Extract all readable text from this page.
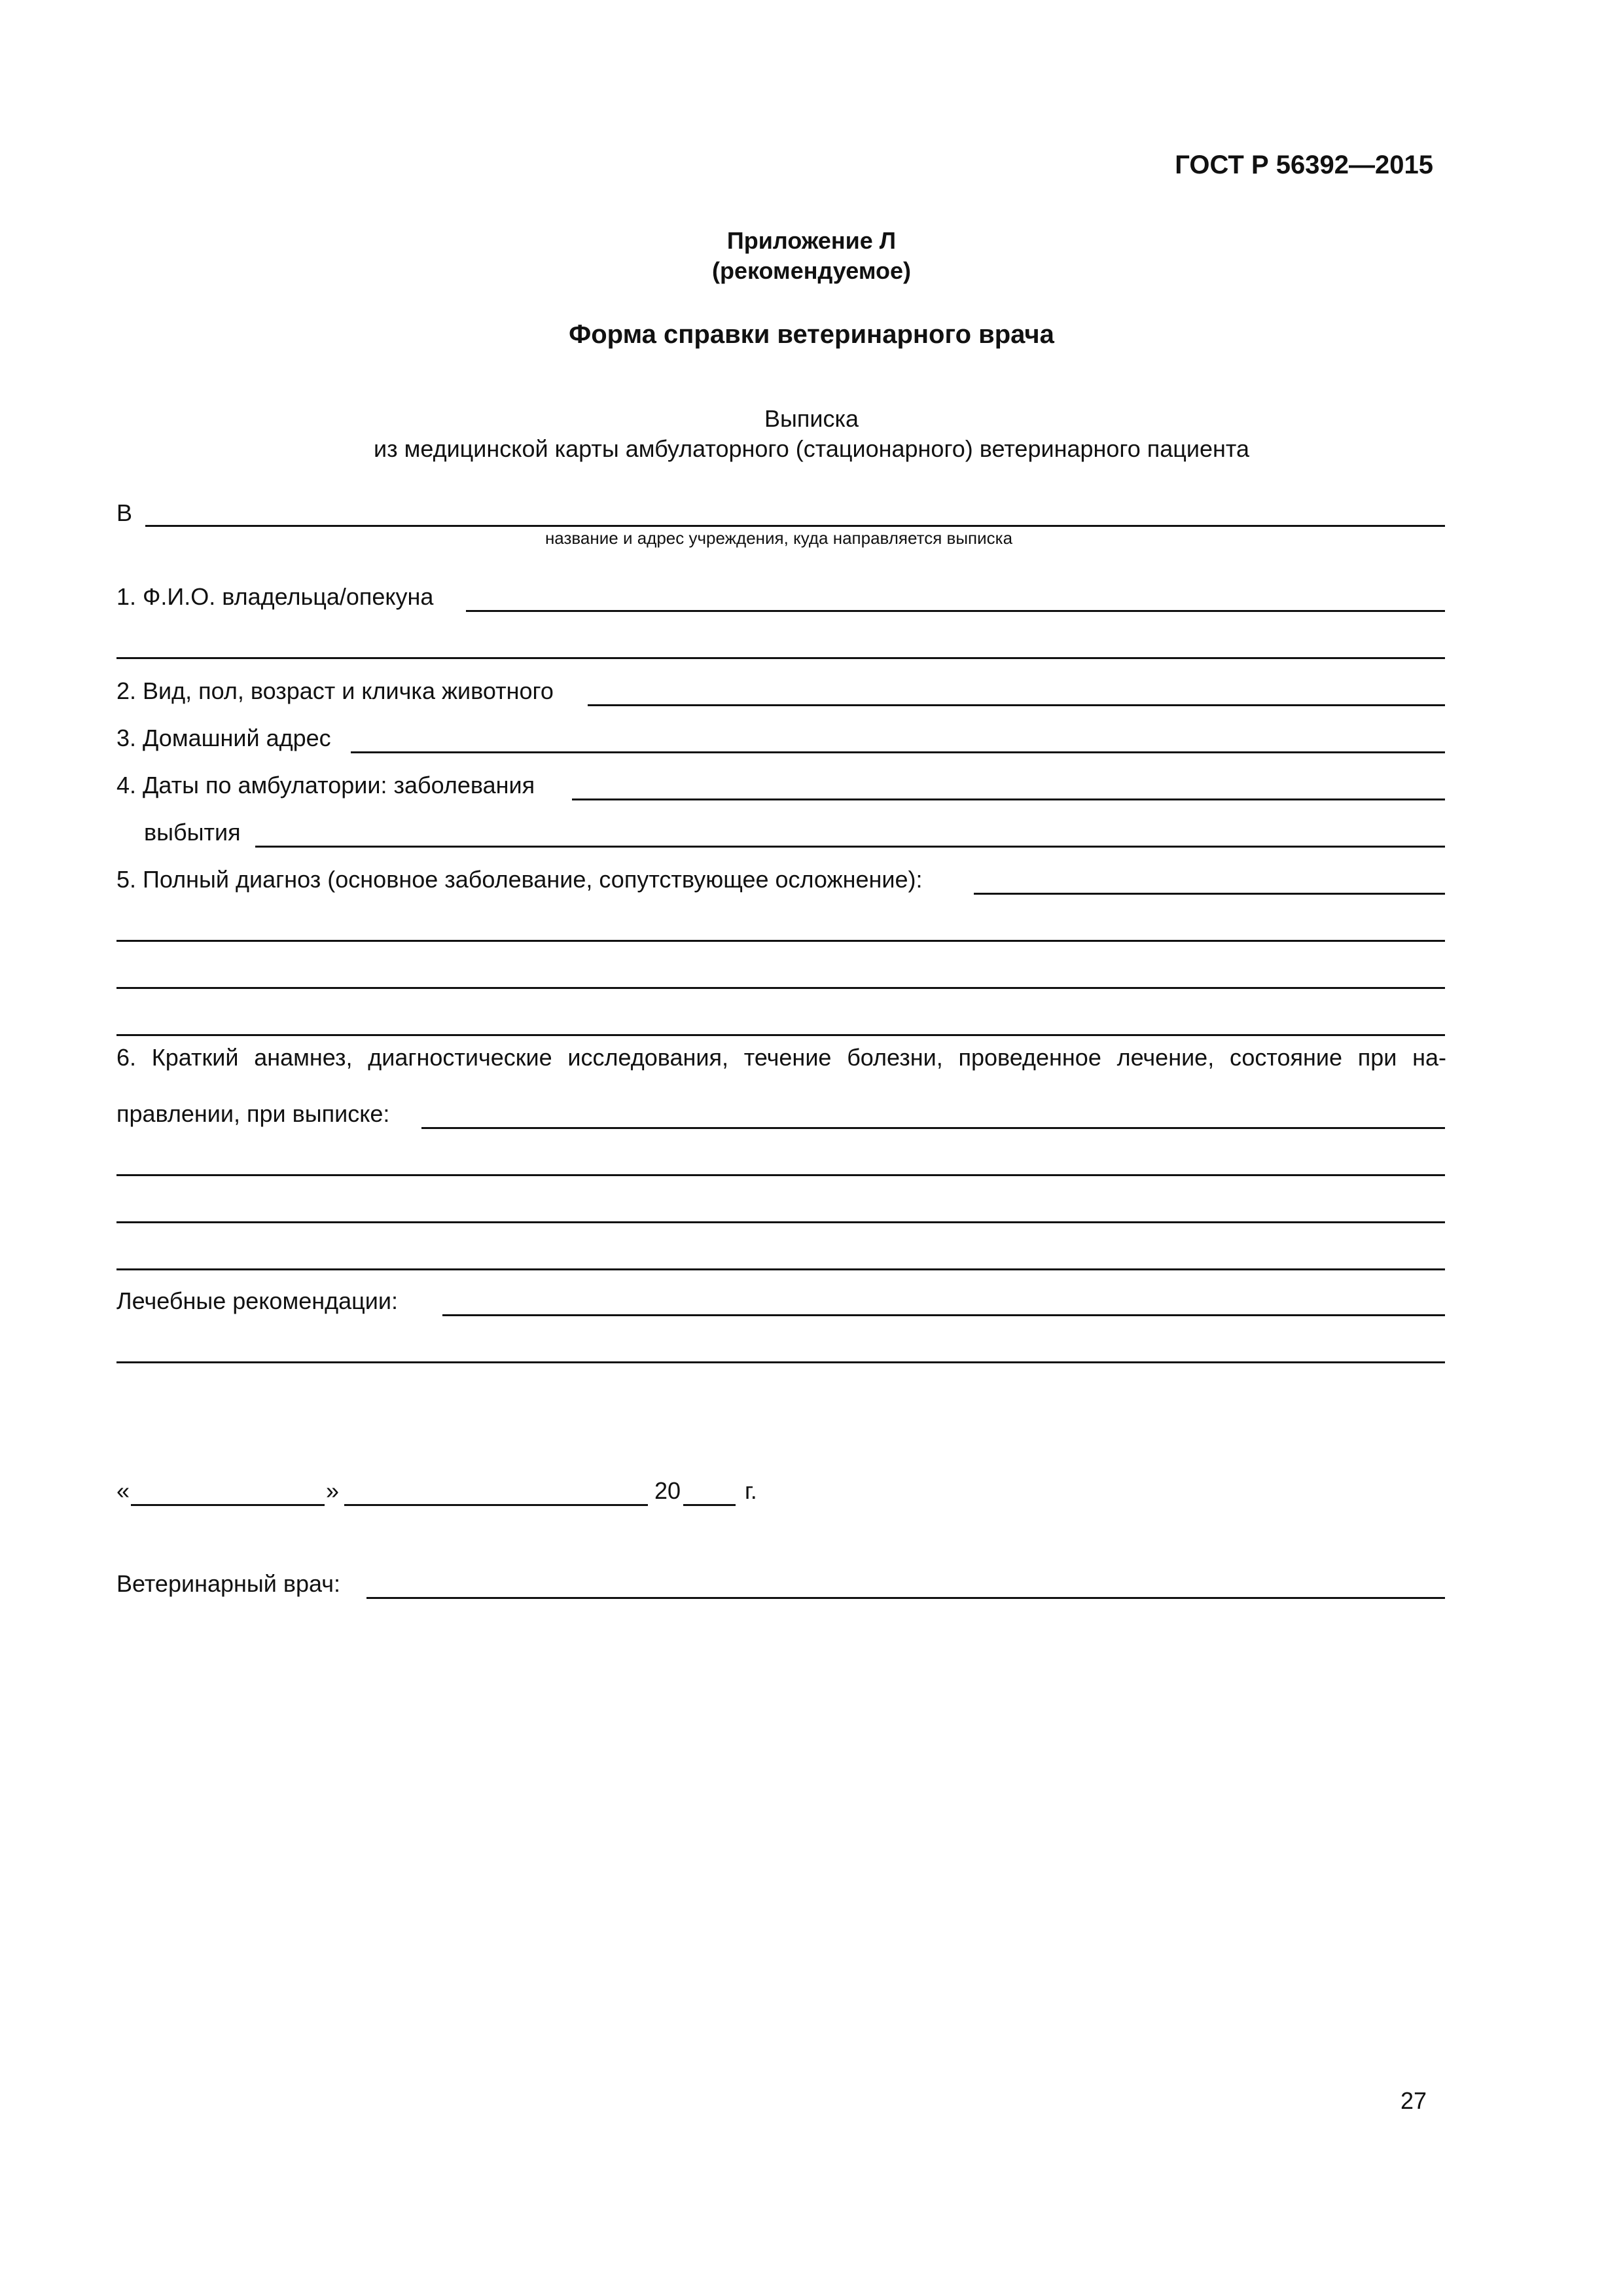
ГОСТ Р 56392—2015
Приложение Л
(рекомендуемое)
Форма справки ветеринарного врача
Выписка
из медицинской карты амбулаторного (стационарного) ветеринарного пациента
В
название и адрес учреждения, куда направляется выписка
1. Ф.И.О. владельца/опекуна
2. Вид, пол, возраст и кличка животного
3. Домашний адрес
4. Даты по амбулатории: заболевания
выбытия
5. Полный диагноз (основное заболевание, сопутствующее осложнение):
6. Краткий анамнез, диагностические исследования, течение болезни, проведенное лечение, состояние при на-
правлении, при выписке:
Лечебные рекомендации:
«	»	20	г.
Ветеринарный врач:
27
